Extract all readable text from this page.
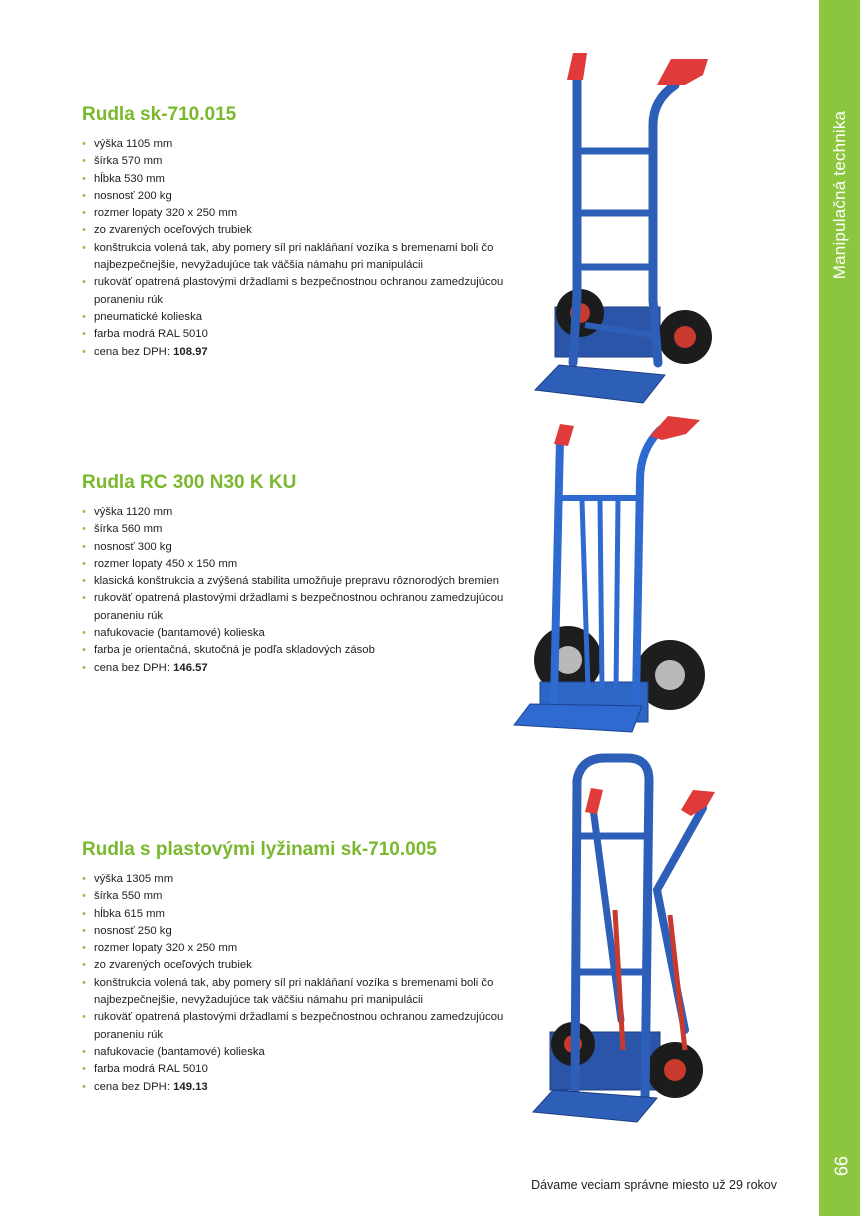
Manipulačná technika
99
Rudla sk-710.015
• výška 1105 mm
• šírka 570 mm
• hĺbka 530 mm
• nosnosť 200 kg
• rozmer lopaty 320 x 250 mm
• zo zvarených oceľových trubiek
• konštrukcia volená tak, aby pomery síl pri nakláňaní vozíka s bremenami boli čo najbezpečnejšie, nevyžadujúce tak väčšia námahu pri manipulácii
• rukoväť opatrená plastovými držadlami s bezpečnostnou ochranou zamedzujúcou poraneniu rúk
• pneumatické kolieska
• farba modrá RAL 5010
• cena bez DPH: 108.97
Rudla RC 300 N30 K KU
• výška 1120 mm
• šírka 560 mm
• nosnosť 300 kg
• rozmer lopaty 450 x 150 mm
• klasická konštrukcia a zvýšená stabilita umožňuje prepravu rôznorodých bremien
• rukoväť opatrená plastovými držadlami s bezpečnostnou ochranou zamedzujúcou poraneniu rúk
• nafukovacie (bantamové) kolieska
• farba je orientačná, skutočná je podľa skladových zásob
• cena bez DPH: 146.57
Rudla s plastovými lyžinami sk-710.005
• výška 1305 mm
• šírka 550 mm
• hĺbka 615 mm
• nosnosť 250 kg
• rozmer lopaty 320 x 250 mm
• zo zvarených oceľových trubiek
• konštrukcia volená tak, aby pomery síl pri nakláňaní vozíka s bremenami boli čo najbezpečnejšie, nevyžadujúce tak väčšiu námahu pri manipulácii
• rukoväť opatrená plastovými držadlami s bezpečnostnou ochranou zamedzujúcou poraneniu rúk
• nafukovacie (bantamové) kolieska
• farba modrá RAL 5010
• cena bez DPH: 149.13
Dávame veciam správne miesto už 29 rokov
